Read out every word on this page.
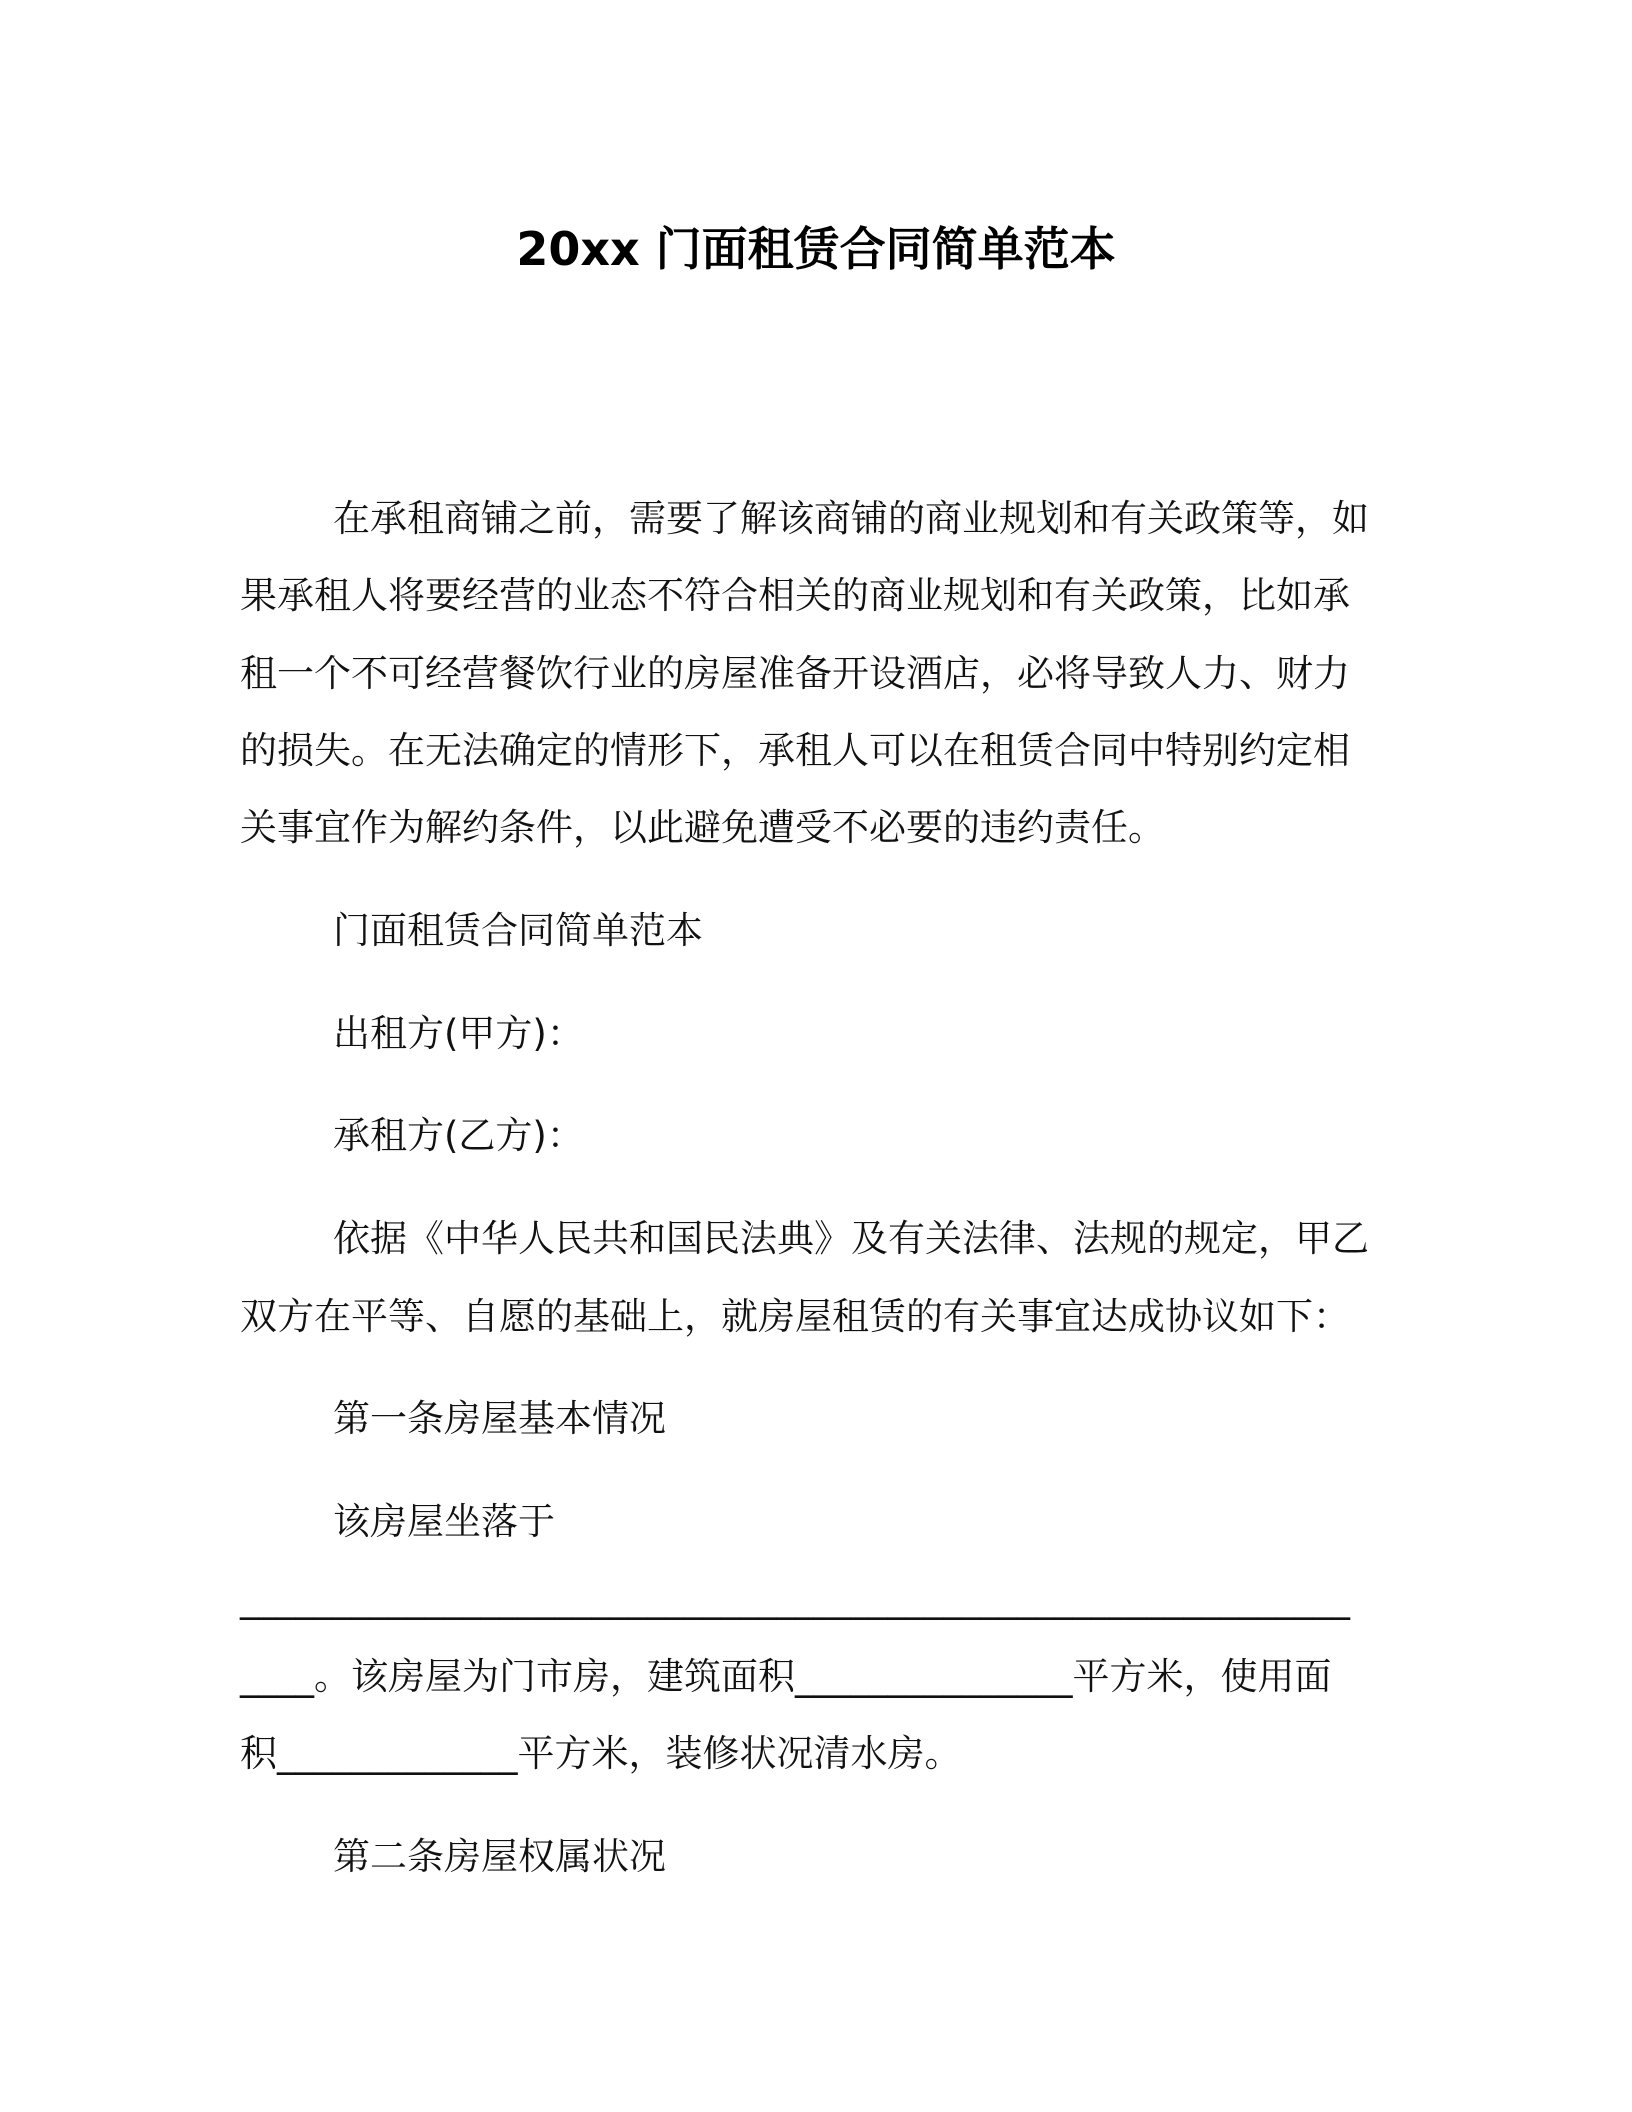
20xx 门面租赁合同简单范本
在承租商铺之前，需要了解该商铺的商业规划和有关政策等，如
果承租人将要经营的业态不符合相关的商业规划和有关政策，比如承
租一个不可经营餐饮行业的房屋准备开设酒店，必将导致人力、财力
的损失。在无法确定的情形下，承租人可以在租赁合同中特别约定相
关事宜作为解约条件，以此避免遭受不必要的违约责任。
门面租赁合同简单范本
出租方(甲方)：
承租方(乙方)：
依据《中华人民共和国民法典》及有关法律、法规的规定，甲乙
双方在平等、自愿的基础上，就房屋租赁的有关事宜达成协议如下：
第一条房屋基本情况
该房屋坐落于
____________________________________________________________
____。该房屋为门市房，建筑面积_______________平方米，使用面
积_____________平方米，装修状况清水房。
第二条房屋权属状况
